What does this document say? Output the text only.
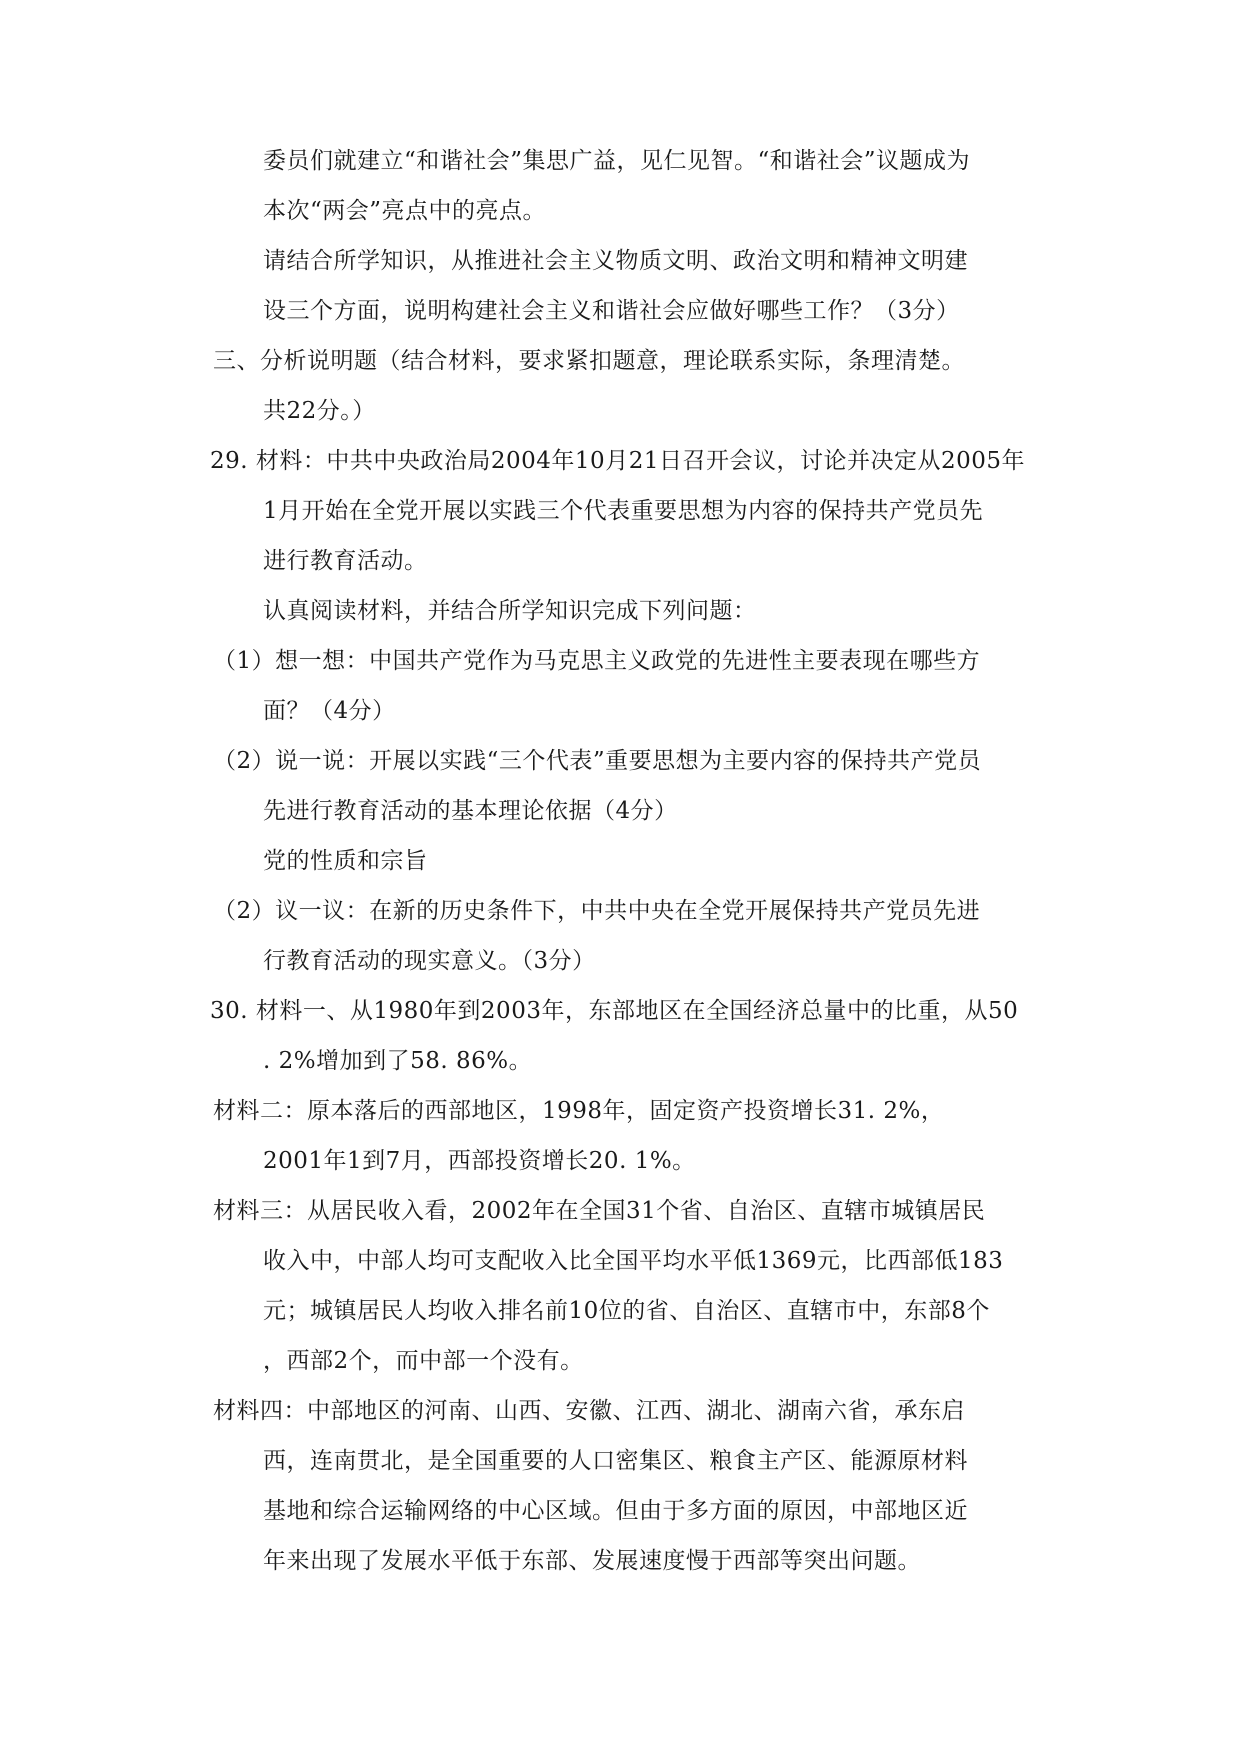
委员们就建立“和谐社会”集思广益，见仁见智。“和谐社会”议题成为
本次“两会”亮点中的亮点。
请结合所学知识，从推进社会主义物质文明、政治文明和精神文明建
设三个方面，说明构建社会主义和谐社会应做好哪些工作？（3分）
三、分析说明题（结合材料，要求紧扣题意，理论联系实际，条理清楚。
共22分。）
29. 材料：中共中央政治局2004年10月21日召开会议，讨论并决定从2005年
1月开始在全党开展以实践三个代表重要思想为内容的保持共产党员先
进行教育活动。
认真阅读材料，并结合所学知识完成下列问题：
（1）想一想：中国共产党作为马克思主义政党的先进性主要表现在哪些方
面？（4分）
（2）说一说：开展以实践“三个代表”重要思想为主要内容的保持共产党员
先进行教育活动的基本理论依据（4分）
党的性质和宗旨
（2）议一议：在新的历史条件下，中共中央在全党开展保持共产党员先进
行教育活动的现实意义。（3分）
30. 材料一、从1980年到2003年，东部地区在全国经济总量中的比重，从50
. 2%增加到了58. 86%。
材料二：原本落后的西部地区，1998年，固定资产投资增长31. 2%，
2001年1到7月，西部投资增长20. 1%。
材料三：从居民收入看，2002年在全国31个省、自治区、直辖市城镇居民
收入中，中部人均可支配收入比全国平均水平低1369元，比西部低183
元；城镇居民人均收入排名前10位的省、自治区、直辖市中，东部8个
，西部2个，而中部一个没有。
材料四：中部地区的河南、山西、安徽、江西、湖北、湖南六省，承东启
西，连南贯北，是全国重要的人口密集区、粮食主产区、能源原材料
基地和综合运输网络的中心区域。但由于多方面的原因，中部地区近
年来出现了发展水平低于东部、发展速度慢于西部等突出问题。
